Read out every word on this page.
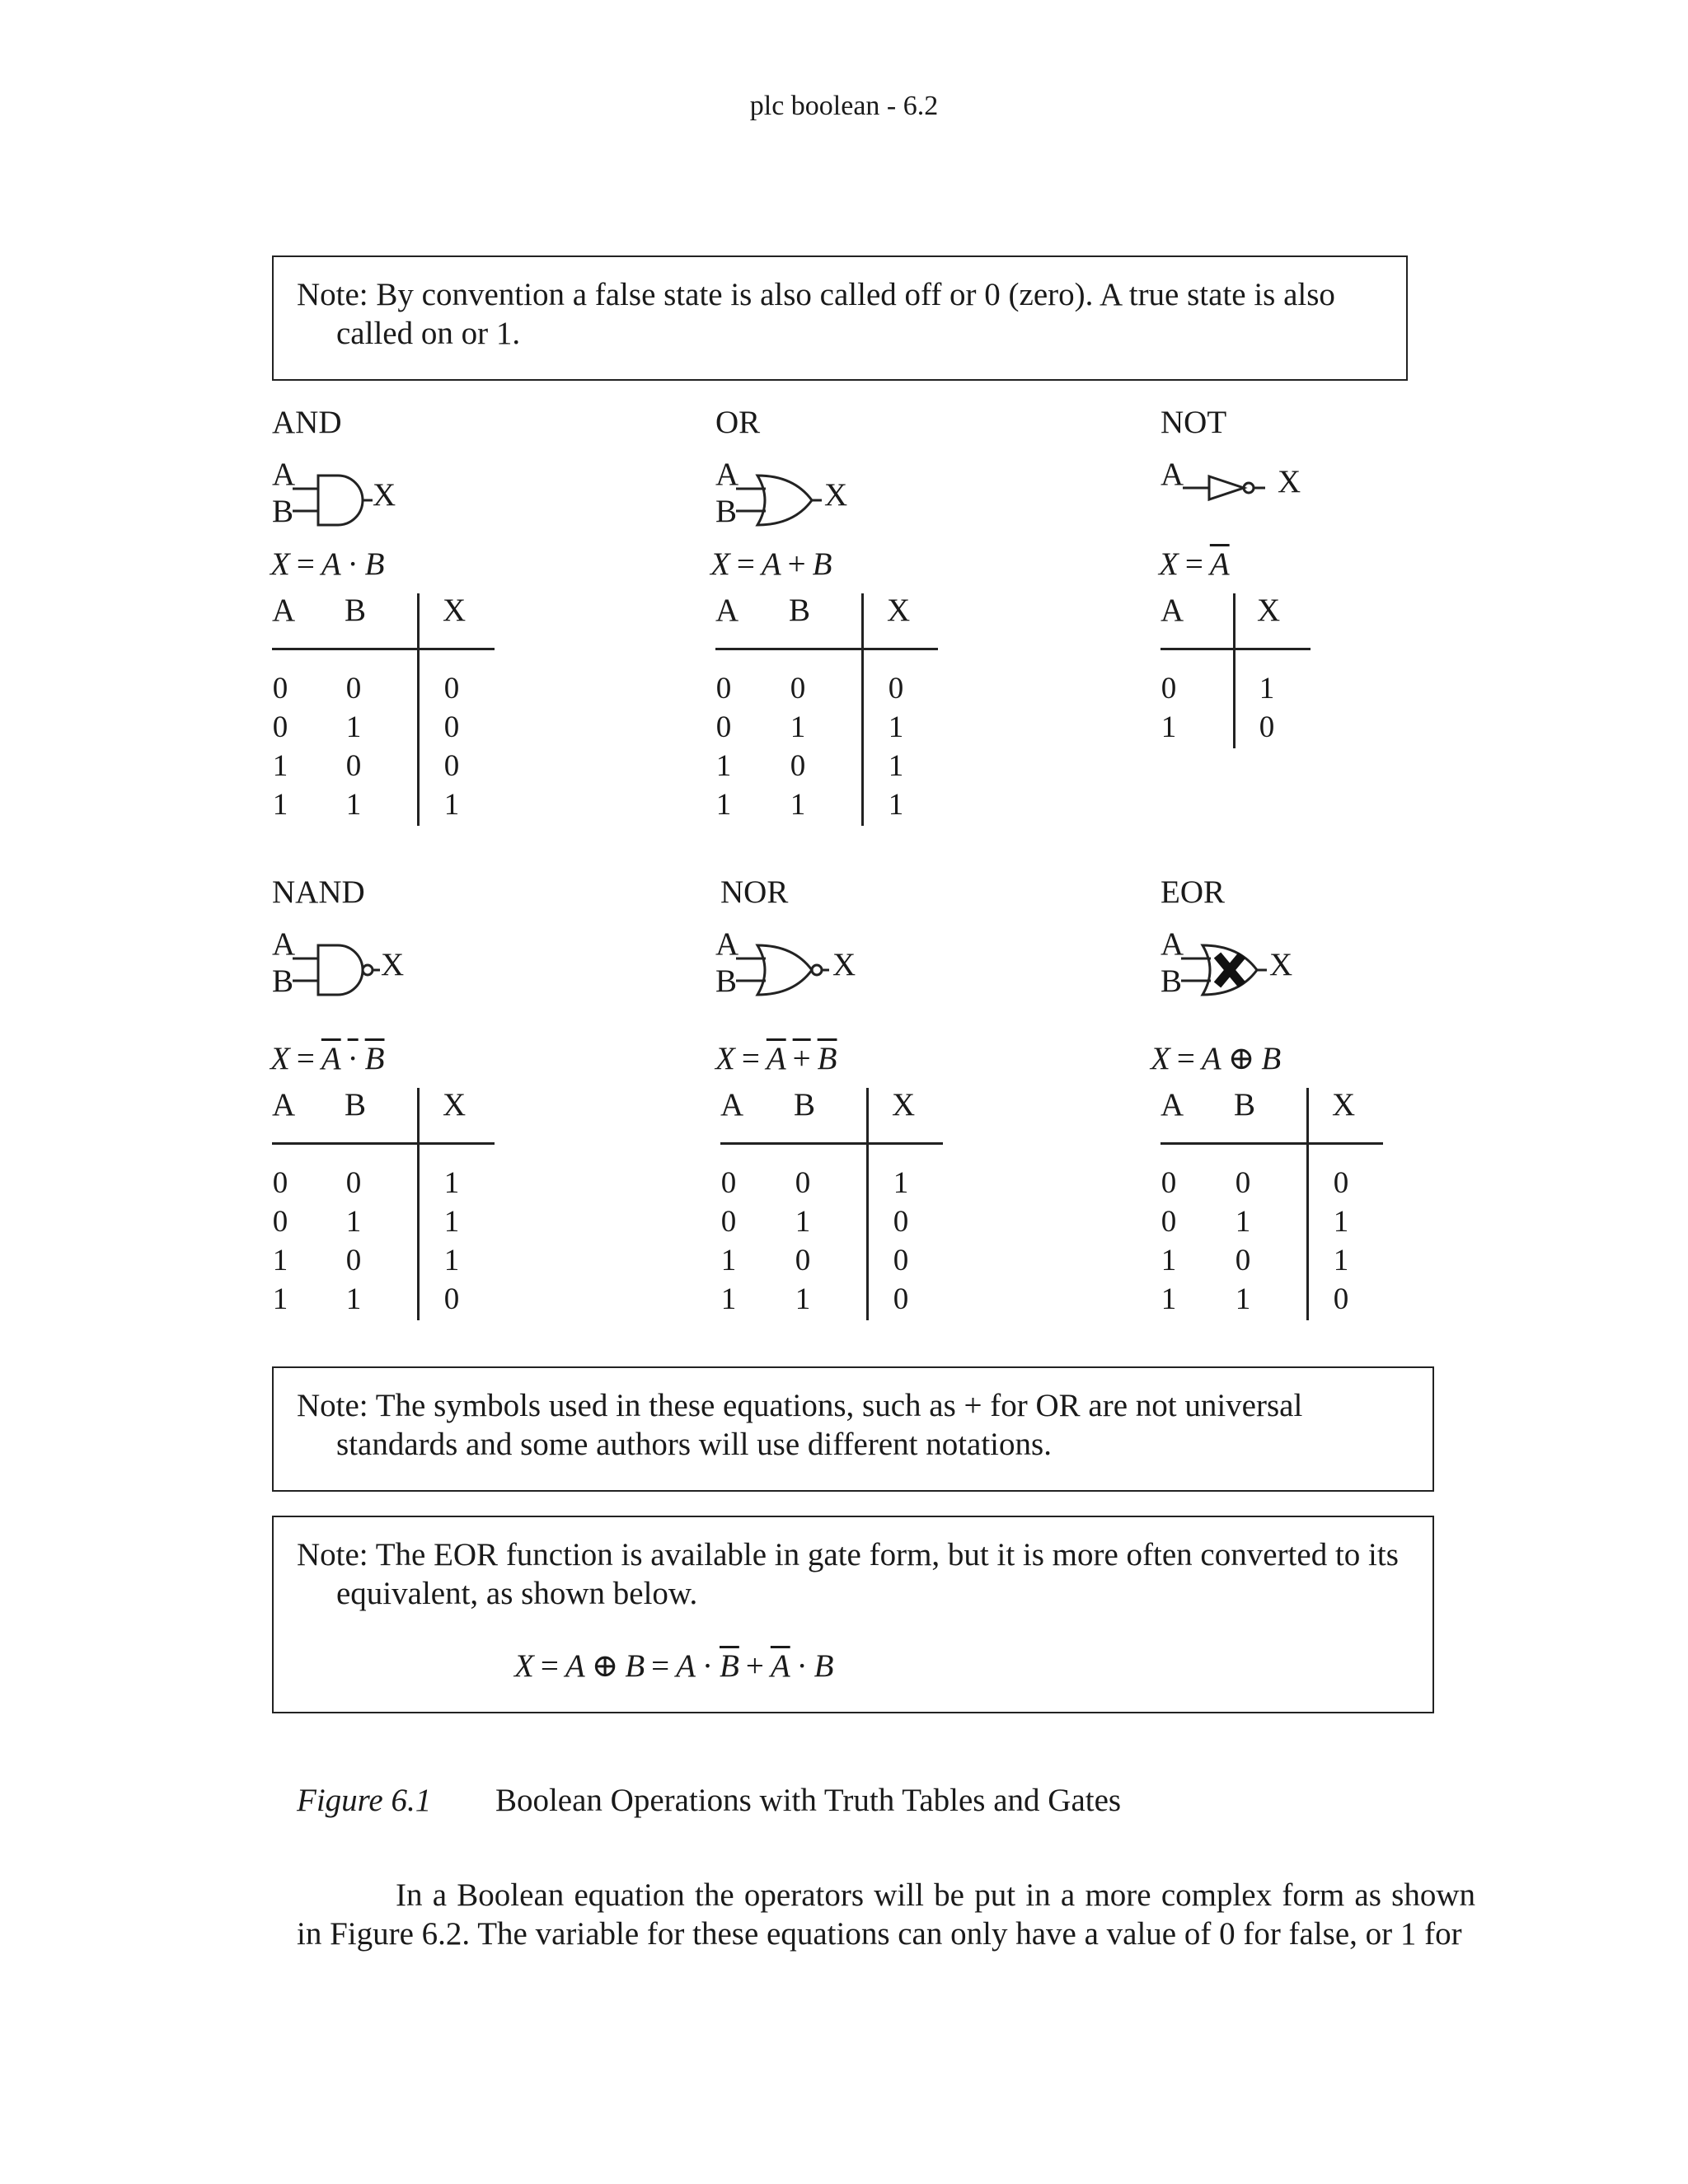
plc boolean - 6.2

Note: By convention a false state is also called off or 0 (zero). A true state is also called on or 1.

AND
A
B X
X = A · B
A B X
0 0	0
0 1	0
1 0	0
1 1	1
OR
A
B	X
X = A + B
A B X
0 0	0
0 1	1
1 0	1
1 1	1
NOT
A	X
$X = \overline{A}$
A X
0	1
1	0
NAND
A
B	X
X = A · B
A B X
0 0	1
0 1	1
1 0	1
1 1	0
NOR
A
B	X
X = A + B
A B X
0 0	1
0 1	0
1 0	0
1 1	0
EOR
A
B	X
X = A ⊕ B
A B X
0 0	0
0 1	1
1 0	1
1 1	0

Note: The symbols used in these equations, such as + for OR are not universal standards and some authors will use different notations.

Note: The EOR function is available in gate form, but it is more often converted to its equivalent, as shown below.

X = A ⊕ $B = A \cdot \overline{B} + \overline{A} \cdot B$
Figure 6.1 Boolean Operations with Truth Tables and Gates
In a Boolean equation the operators will be put in a more complex form as shown in Figure 6.2. The variable for these equations can only have a value of 0 for false, or 1 for
